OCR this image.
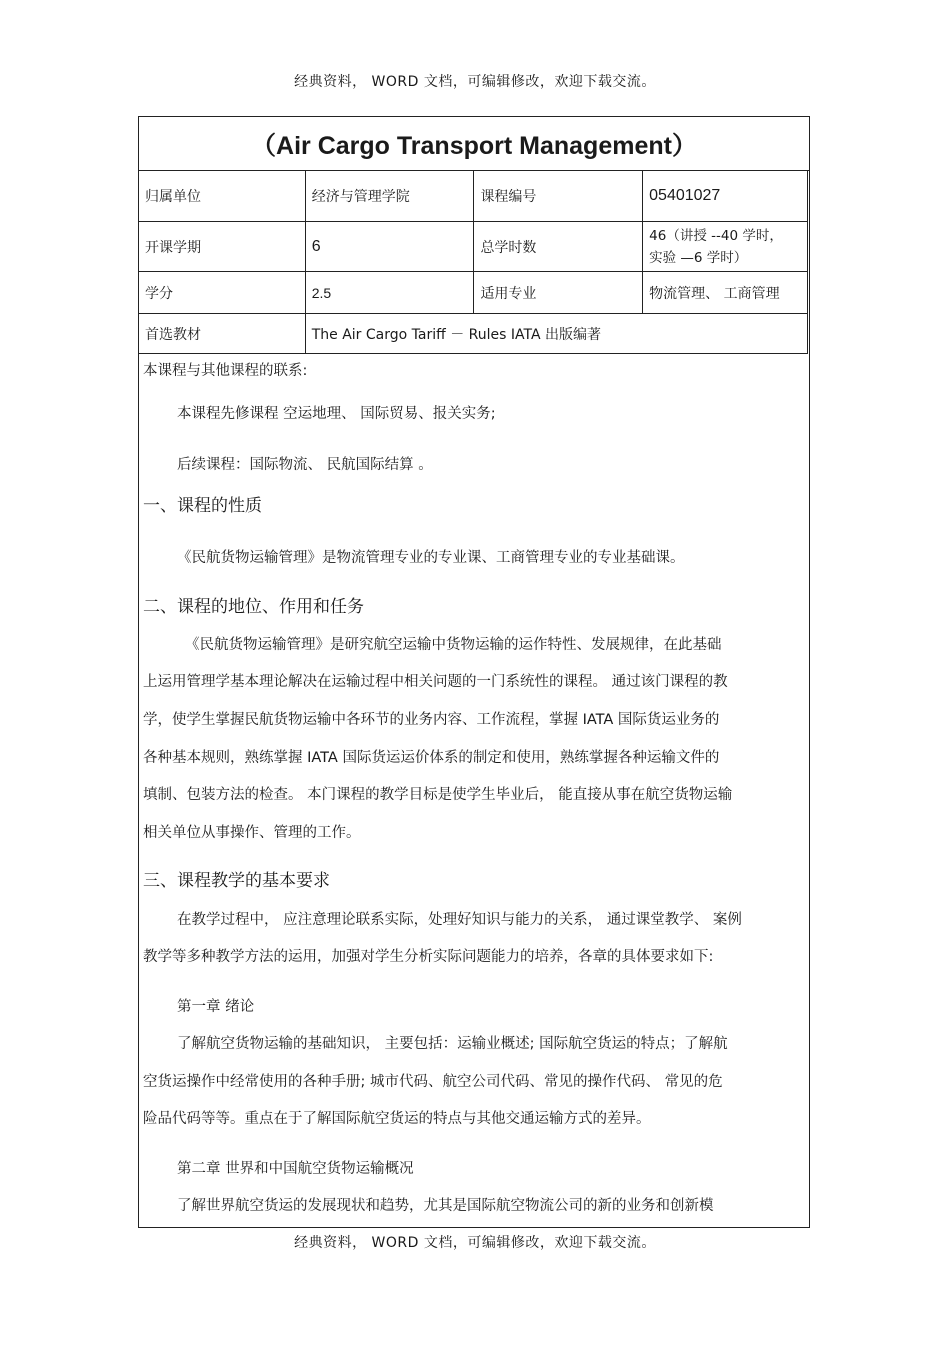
经典资料， WORD 文档，可编辑修改，欢迎下载交流。
（Air Cargo Transport Management）
归属单位	经济与管理学院	课程编号	05401027
开课学期	6	总学时数	46（讲授 --40 学时，
实验 —6 学时）

学分	2.5	适用专业	物流管理、 工商管理
首选教材	The Air Cargo Tariff － Rules IATA 出版编著		
本课程与其他课程的联系:
本课程先修课程 空运地理、 国际贸易、报关实务;
后续课程：国际物流、 民航国际结算 。
一、课程的性质
《民航货物运输管理》是物流管理专业的专业课、工商管理专业的专业基础课。
二、课程的地位、作用和任务
《民航货物运输管理》是研究航空运输中货物运输的运作特性、发展规律，在此基础
上运用管理学基本理论解决在运输过程中相关问题的一门系统性的课程。 通过该门课程的教
学，使学生掌握民航货物运输中各环节的业务内容、工作流程，掌握 IATA 国际货运业务的
各种基本规则，熟练掌握 IATA 国际货运运价体系的制定和使用，熟练掌握各种运输文件的
填制、包装方法的检查。 本门课程的教学目标是使学生毕业后， 能直接从事在航空货物运输
相关单位从事操作、管理的工作。
三、课程教学的基本要求
在教学过程中， 应注意理论联系实际，处理好知识与能力的关系， 通过课堂教学、 案例
教学等多种教学方法的运用，加强对学生分析实际问题能力的培养，各章的具体要求如下:
第一章 绪论
了解航空货物运输的基础知识， 主要包括：运输业概述; 国际航空货运的特点；了解航
空货运操作中经常使用的各种手册; 城市代码、航空公司代码、常见的操作代码、 常见的危
险品代码等等。重点在于了解国际航空货运的特点与其他交通运输方式的差异。
第二章 世界和中国航空货物运输概况
了解世界航空货运的发展现状和趋势，尤其是国际航空物流公司的新的业务和创新模
经典资料， WORD 文档，可编辑修改，欢迎下载交流。
